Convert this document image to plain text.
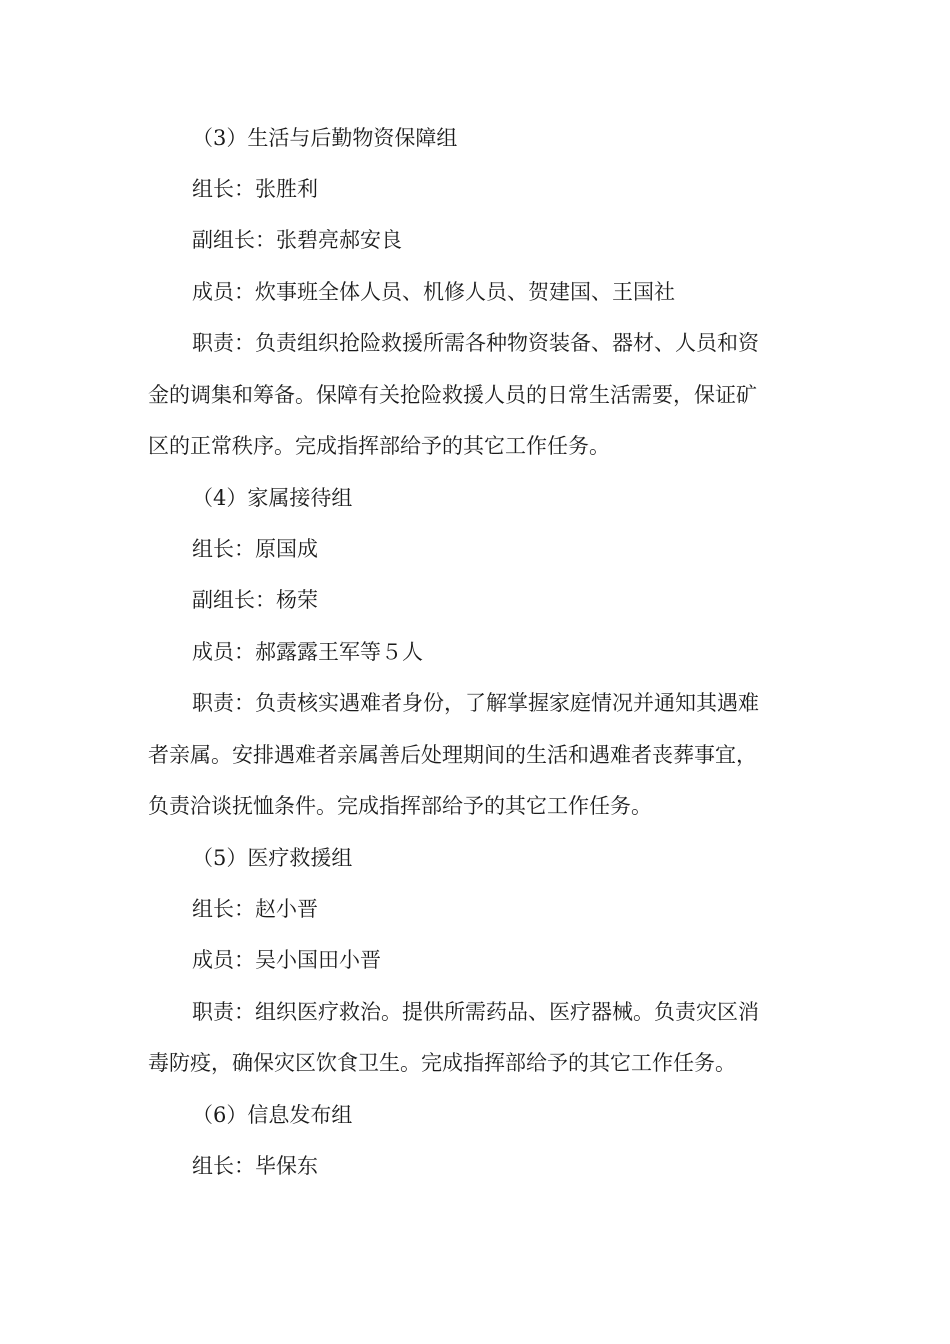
（3）生活与后勤物资保障组
组长：张胜利
副组长：张碧亮郝安良
成员：炊事班全体人员、机修人员、贺建国、王国社
职责：负责组织抢险救援所需各种物资装备、器材、人员和资
金的调集和筹备。保障有关抢险救援人员的日常生活需要，保证矿
区的正常秩序。完成指挥部给予的其它工作任务。
（4）家属接待组
组长：原国成
副组长：杨荣
成员：郝露露王军等５人
职责：负责核实遇难者身份，了解掌握家庭情况并通知其遇难
者亲属。安排遇难者亲属善后处理期间的生活和遇难者丧葬事宜，
负责洽谈抚恤条件。完成指挥部给予的其它工作任务。
（5）医疗救援组
组长：赵小晋
成员：吴小国田小晋
职责：组织医疗救治。提供所需药品、医疗器械。负责灾区消
毒防疫，确保灾区饮食卫生。完成指挥部给予的其它工作任务。
（6）信息发布组
组长：毕保东
